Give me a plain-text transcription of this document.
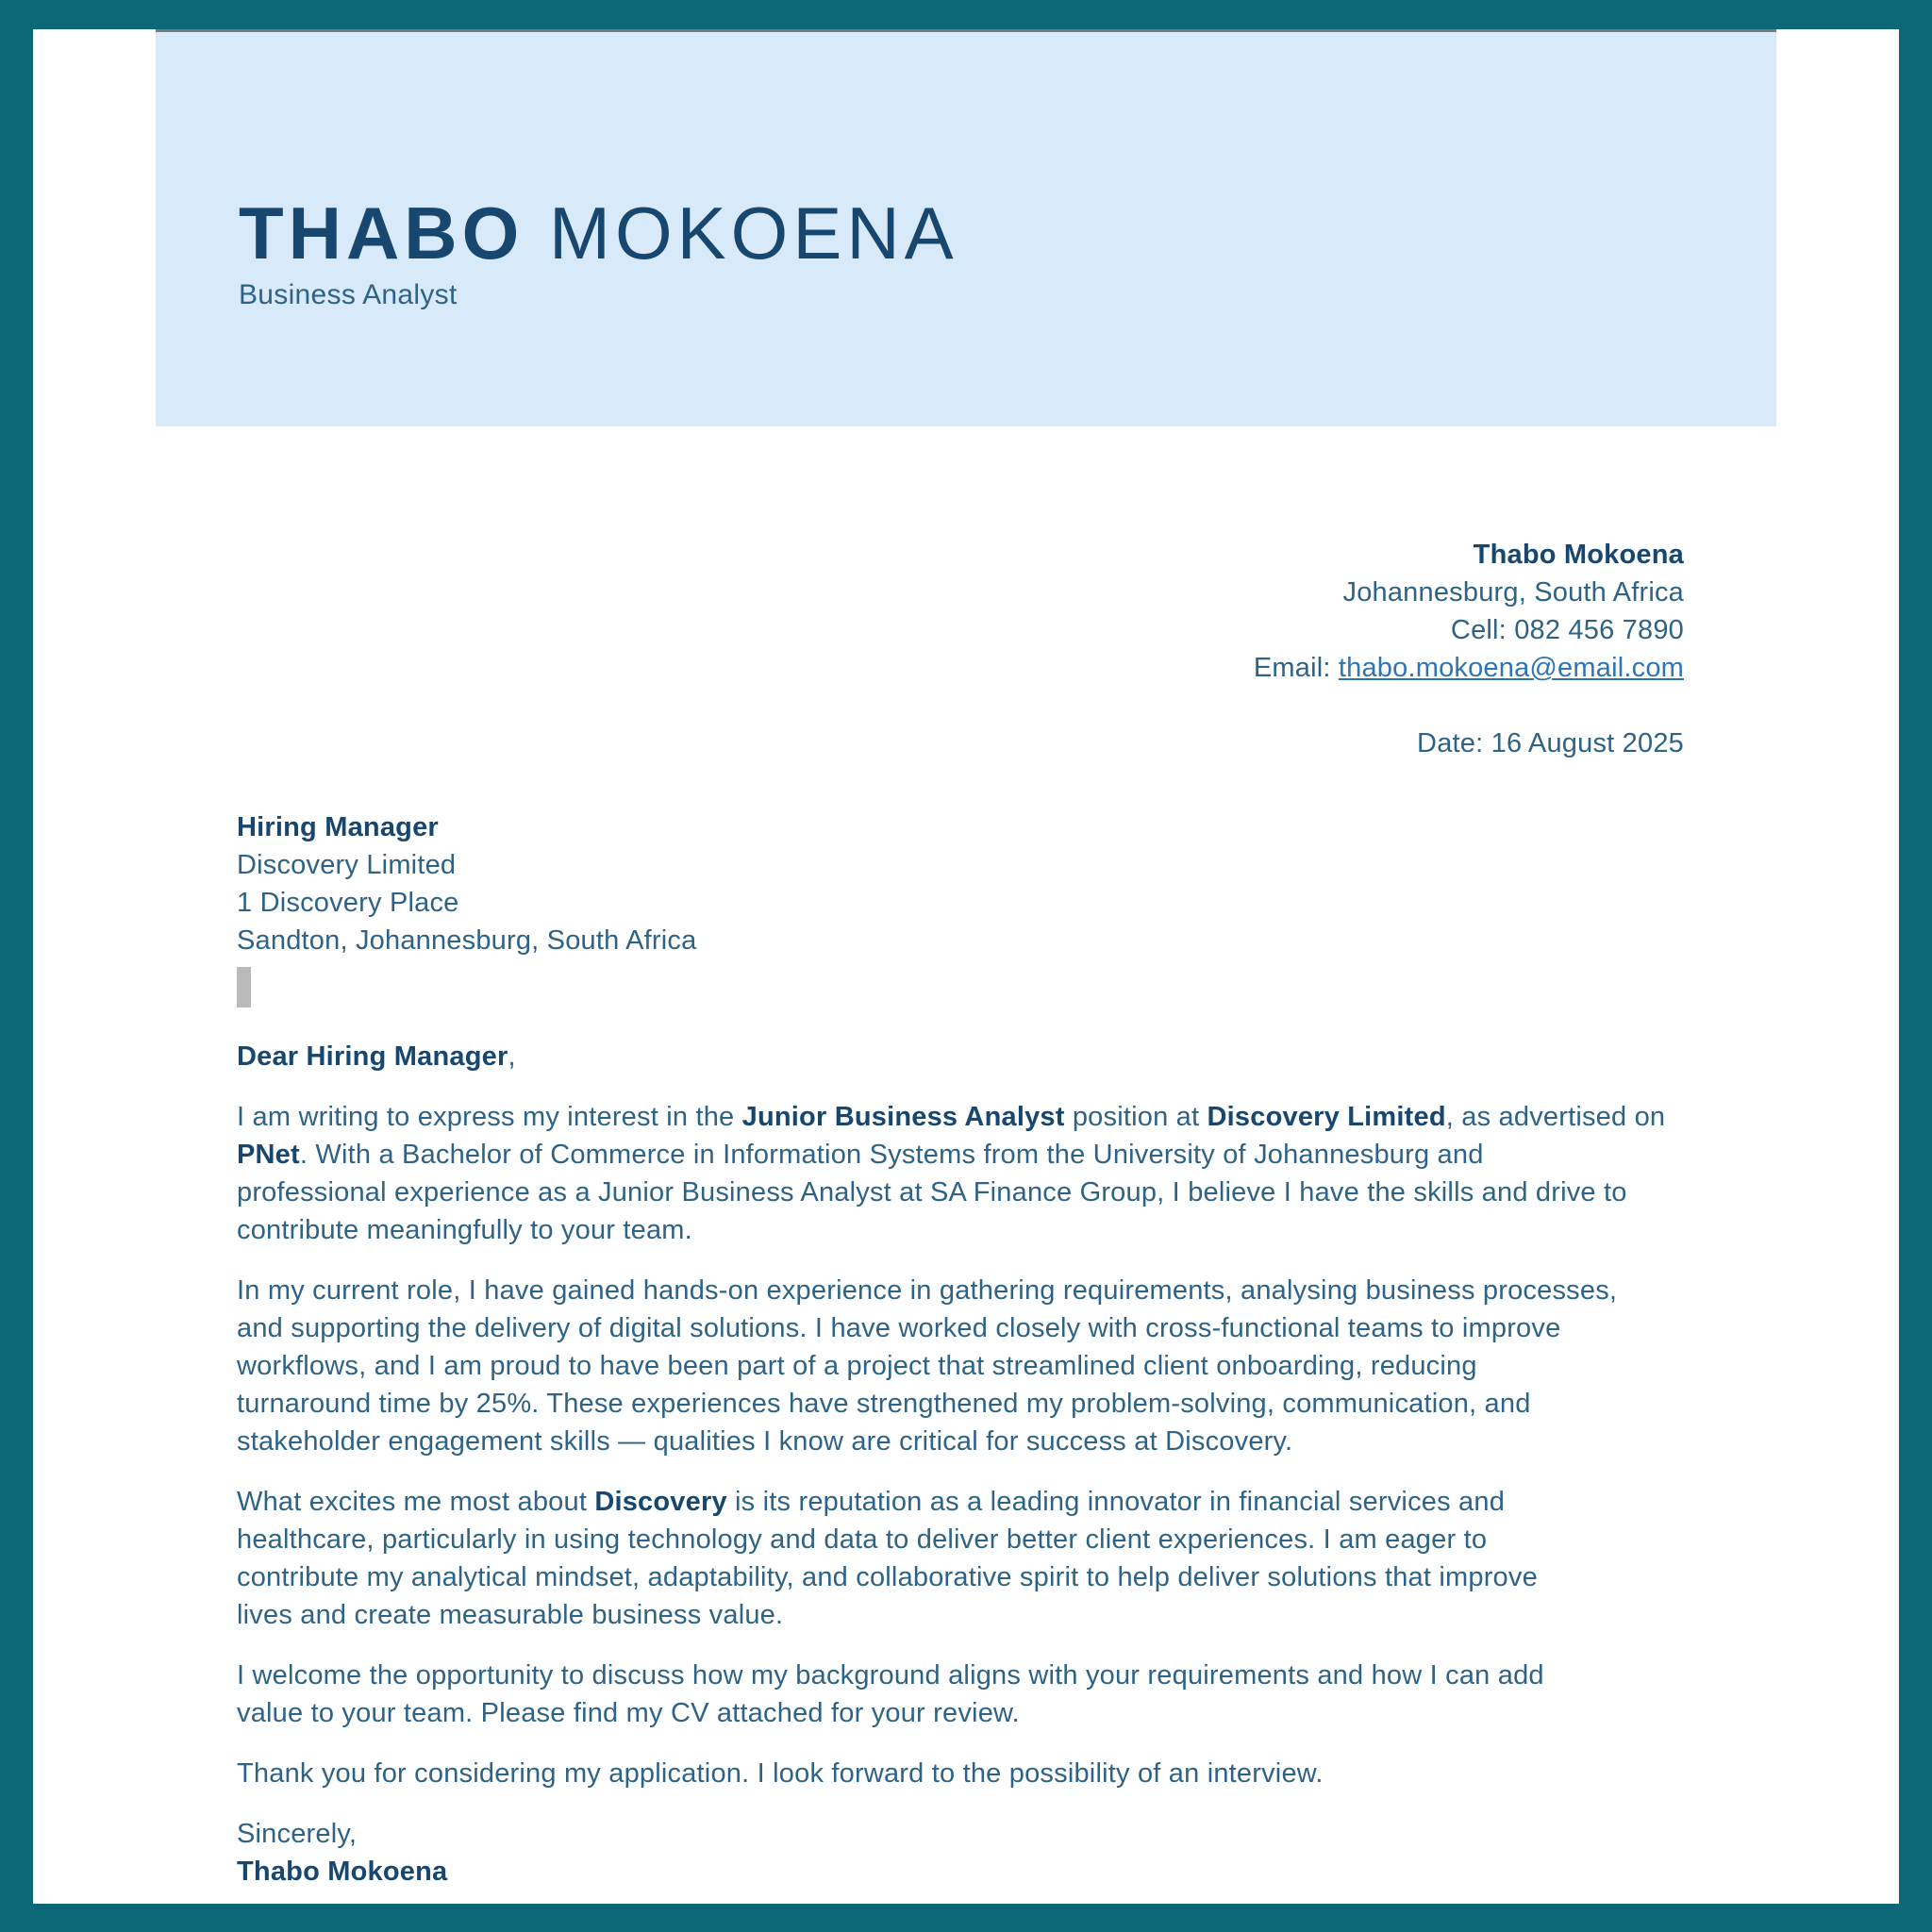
THABO MOKOENA
Business Analyst
Thabo Mokoena
Johannesburg, South Africa
Cell: 082 456 7890
Email: thabo.mokoena@email.com
Date: 16 August 2025
Hiring Manager
Discovery Limited
1 Discovery Place
Sandton, Johannesburg, South Africa
Dear Hiring Manager,
I am writing to express my interest in the Junior Business Analyst position at Discovery Limited, as advertised on
PNet. With a Bachelor of Commerce in Information Systems from the University of Johannesburg and
professional experience as a Junior Business Analyst at SA Finance Group, I believe I have the skills and drive to
contribute meaningfully to your team.
In my current role, I have gained hands-on experience in gathering requirements, analysing business processes,
and supporting the delivery of digital solutions. I have worked closely with cross-functional teams to improve
workflows, and I am proud to have been part of a project that streamlined client onboarding, reducing
turnaround time by 25%. These experiences have strengthened my problem-solving, communication, and
stakeholder engagement skills — qualities I know are critical for success at Discovery.
What excites me most about Discovery is its reputation as a leading innovator in financial services and
healthcare, particularly in using technology and data to deliver better client experiences. I am eager to
contribute my analytical mindset, adaptability, and collaborative spirit to help deliver solutions that improve
lives and create measurable business value.
I welcome the opportunity to discuss how my background aligns with your requirements and how I can add
value to your team. Please find my CV attached for your review.
Thank you for considering my application. I look forward to the possibility of an interview.
Sincerely,
Thabo Mokoena
